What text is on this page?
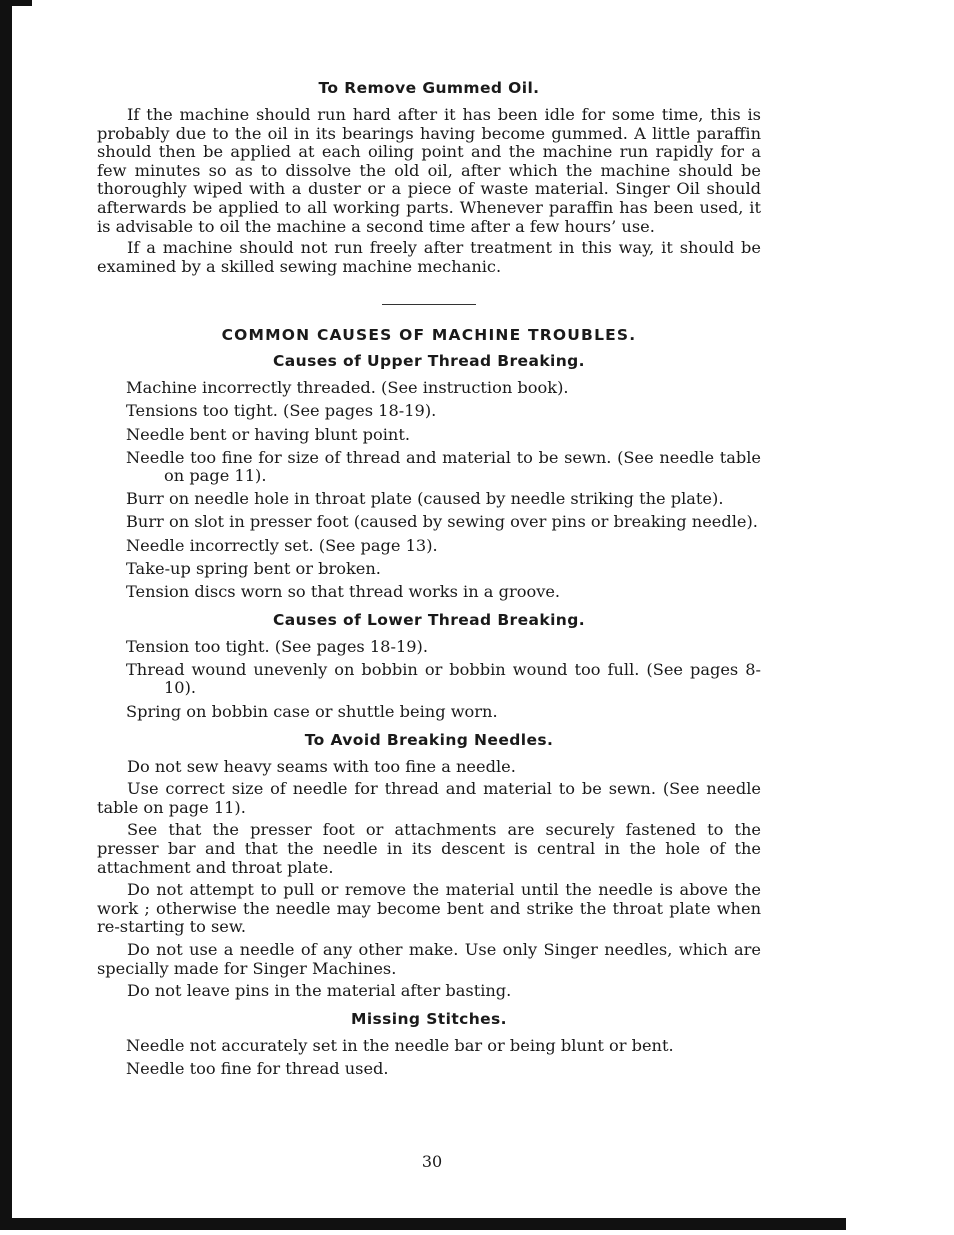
To Remove Gummed Oil.

If the machine should run hard after it has been idle for some time, this is probably due to the oil in its bearings having become gummed. A little paraffin should then be applied at each oiling point and the machine run rapidly for a few minutes so as to dissolve the old oil, after which the machine should be thoroughly wiped with a duster or a piece of waste material. Singer Oil should afterwards be applied to all working parts. Whenever paraffin has been used, it is advisable to oil the machine a second time after a few hours’ use.

If a machine should not run freely after treatment in this way, it should be examined by a skilled sewing machine mechanic.

COMMON CAUSES OF MACHINE TROUBLES.
Causes of Upper Thread Breaking.

Machine incorrectly threaded. (See instruction book).

Tensions too tight. (See pages 18-19).

Needle bent or having blunt point.

Needle too fine for size of thread and material to be sewn. (See needle table on page 11).

Burr on needle hole in throat plate (caused by needle striking the plate).

Burr on slot in presser foot (caused by sewing over pins or breaking needle).

Needle incorrectly set. (See page 13).

Take-up spring bent or broken.

Tension discs worn so that thread works in a groove.

Causes of Lower Thread Breaking.

Tension too tight. (See pages 18-19).

Thread wound unevenly on bobbin or bobbin wound too full. (See pages 8-10).

Spring on bobbin case or shuttle being worn.

To Avoid Breaking Needles.

Do not sew heavy seams with too fine a needle.

Use correct size of needle for thread and material to be sewn. (See needle table on page 11).

See that the presser foot or attachments are securely fastened to the presser bar and that the needle in its descent is central in the hole of the attachment and throat plate.

Do not attempt to pull or remove the material until the needle is above the work ; otherwise the needle may become bent and strike the throat plate when re-starting to sew.

Do not use a needle of any other make. Use only Singer needles, which are specially made for Singer Machines.

Do not leave pins in the material after basting.

Missing Stitches.

Needle not accurately set in the needle bar or being blunt or bent.

Needle too fine for thread used.

30
